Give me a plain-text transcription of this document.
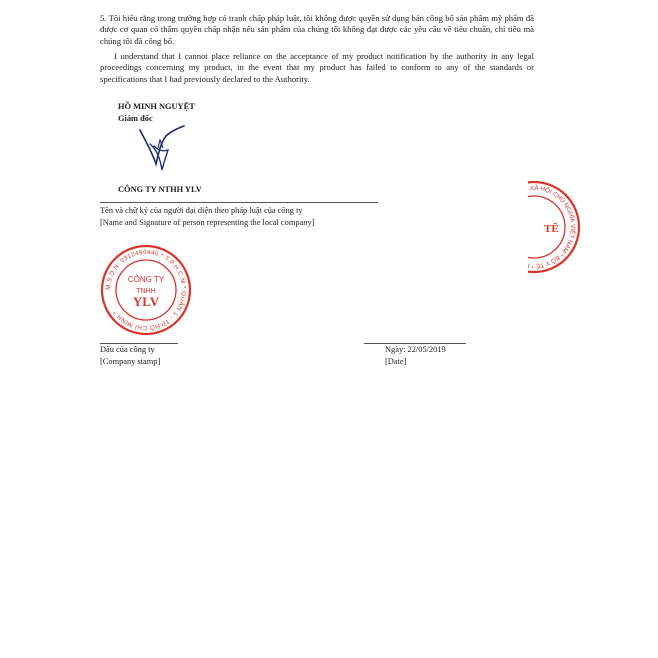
5. Tôi hiểu rằng trong trường hợp có tranh chấp pháp luật, tôi không được quyền sử dụng bản công bố sản phẩm mỹ phẩm đã được cơ quan có thẩm quyền chấp nhận nếu sản phẩm của chúng tôi không đạt được các yêu cầu về tiêu chuẩn, chỉ tiêu mà chúng tôi đã công bố.
I understand that I cannot place reliance on the acceptance of my product notification by the authority in any legal proceedings concerning my product, in the event that my product has failed to conform to any of the standards or specifications that I had previously declared to the Authority.
HỒ MINH NGUYỆT
Giám đốc
CÔNG TY NTHH YLV
Tên và chữ ký của người đại diện theo pháp luật của công ty
[Name and Signature of person representing the local company]
M.S.D.N: 0312490440 * T.P.H.C.M * QUẬN 1 - TP.HỒ CHÍ MINH *
CÔNG TY
TNHH
YLV
C.H.XÃ HỘI CHỦ NGHĨA VIỆT NAM * BỘ Y TẾ * HÀ NỘI
TẾ
Dấu của công ty
[Company stamp]
Ngày: 22/05/2019
[Date]
